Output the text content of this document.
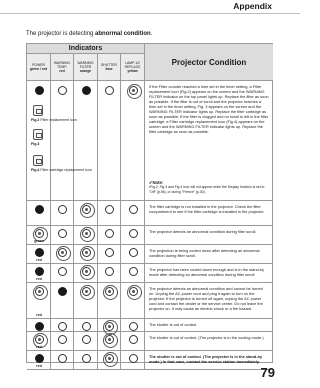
Appendix
The projector is detecting abnormal condition.
Indicators
Projector Condition
POWER
green / red
WARNING TEMP.
red
WARNING FILTER
orange
SHUTTER
blue
LAMP 1/2 REPLACE
yellow
Fig.2 Filter replacement icon
Fig.3
Fig.4 Filter cartridge replacement icon
If the Filter counter reached a time set in the timer setting, a Filter replacement icon (Fig.2) appears on the screen and the WARNING FILTER indicator on the top panel lights up. Replace the filter as soon as possible. If the filter is out of scroll and the projector reaches a time set in the timer setting, Fig. 3 appears on the screen and the WARNING FILTER indicator lights up. Replace the filter cartridge as soon as possible. If the filter is clogged and no scroll is left in the filter cartridge, a Filter cartridge replacement icon (Fig.4) appears on the screen and the WARNING FILTER indicator lights up. Replace the filter cartridge as soon as possible.
✔Note:
•Fig.2, Fig.3 and Fig.4 icon will not appear when the Display function is set to "Off" (p.56), or during "Freeze" (p.30).
The filter cartridge is not installed in the projector. Check the filter compartment to see if the filter cartridge is installed in the projector.
green
The projector detects an abnormal condition during filter scroll.
red
The projection is being cooled down after detecting an abnormal condition during filter scroll.
red
The projector has been cooled down enough and is in the stand-by mode after detecting an abnormal condition during filter scroll.
red
The projector detects an abnormal condition and cannot be turned on. Unplug the AC power cord and plug it again to turn on the projector. If the projector is turned off again, unplug the AC power cord and contact the dealer or the service center. Do not leave the projector on. It may cause an electric shock or a fire hazard.
The shutter is out of control.
red
The shutter is out of control. (The projector is in the cooling mode.)
red
The shutter is out of control. (The projector is in the stand-by mode.) In that case, contact the service station immediately.
79
